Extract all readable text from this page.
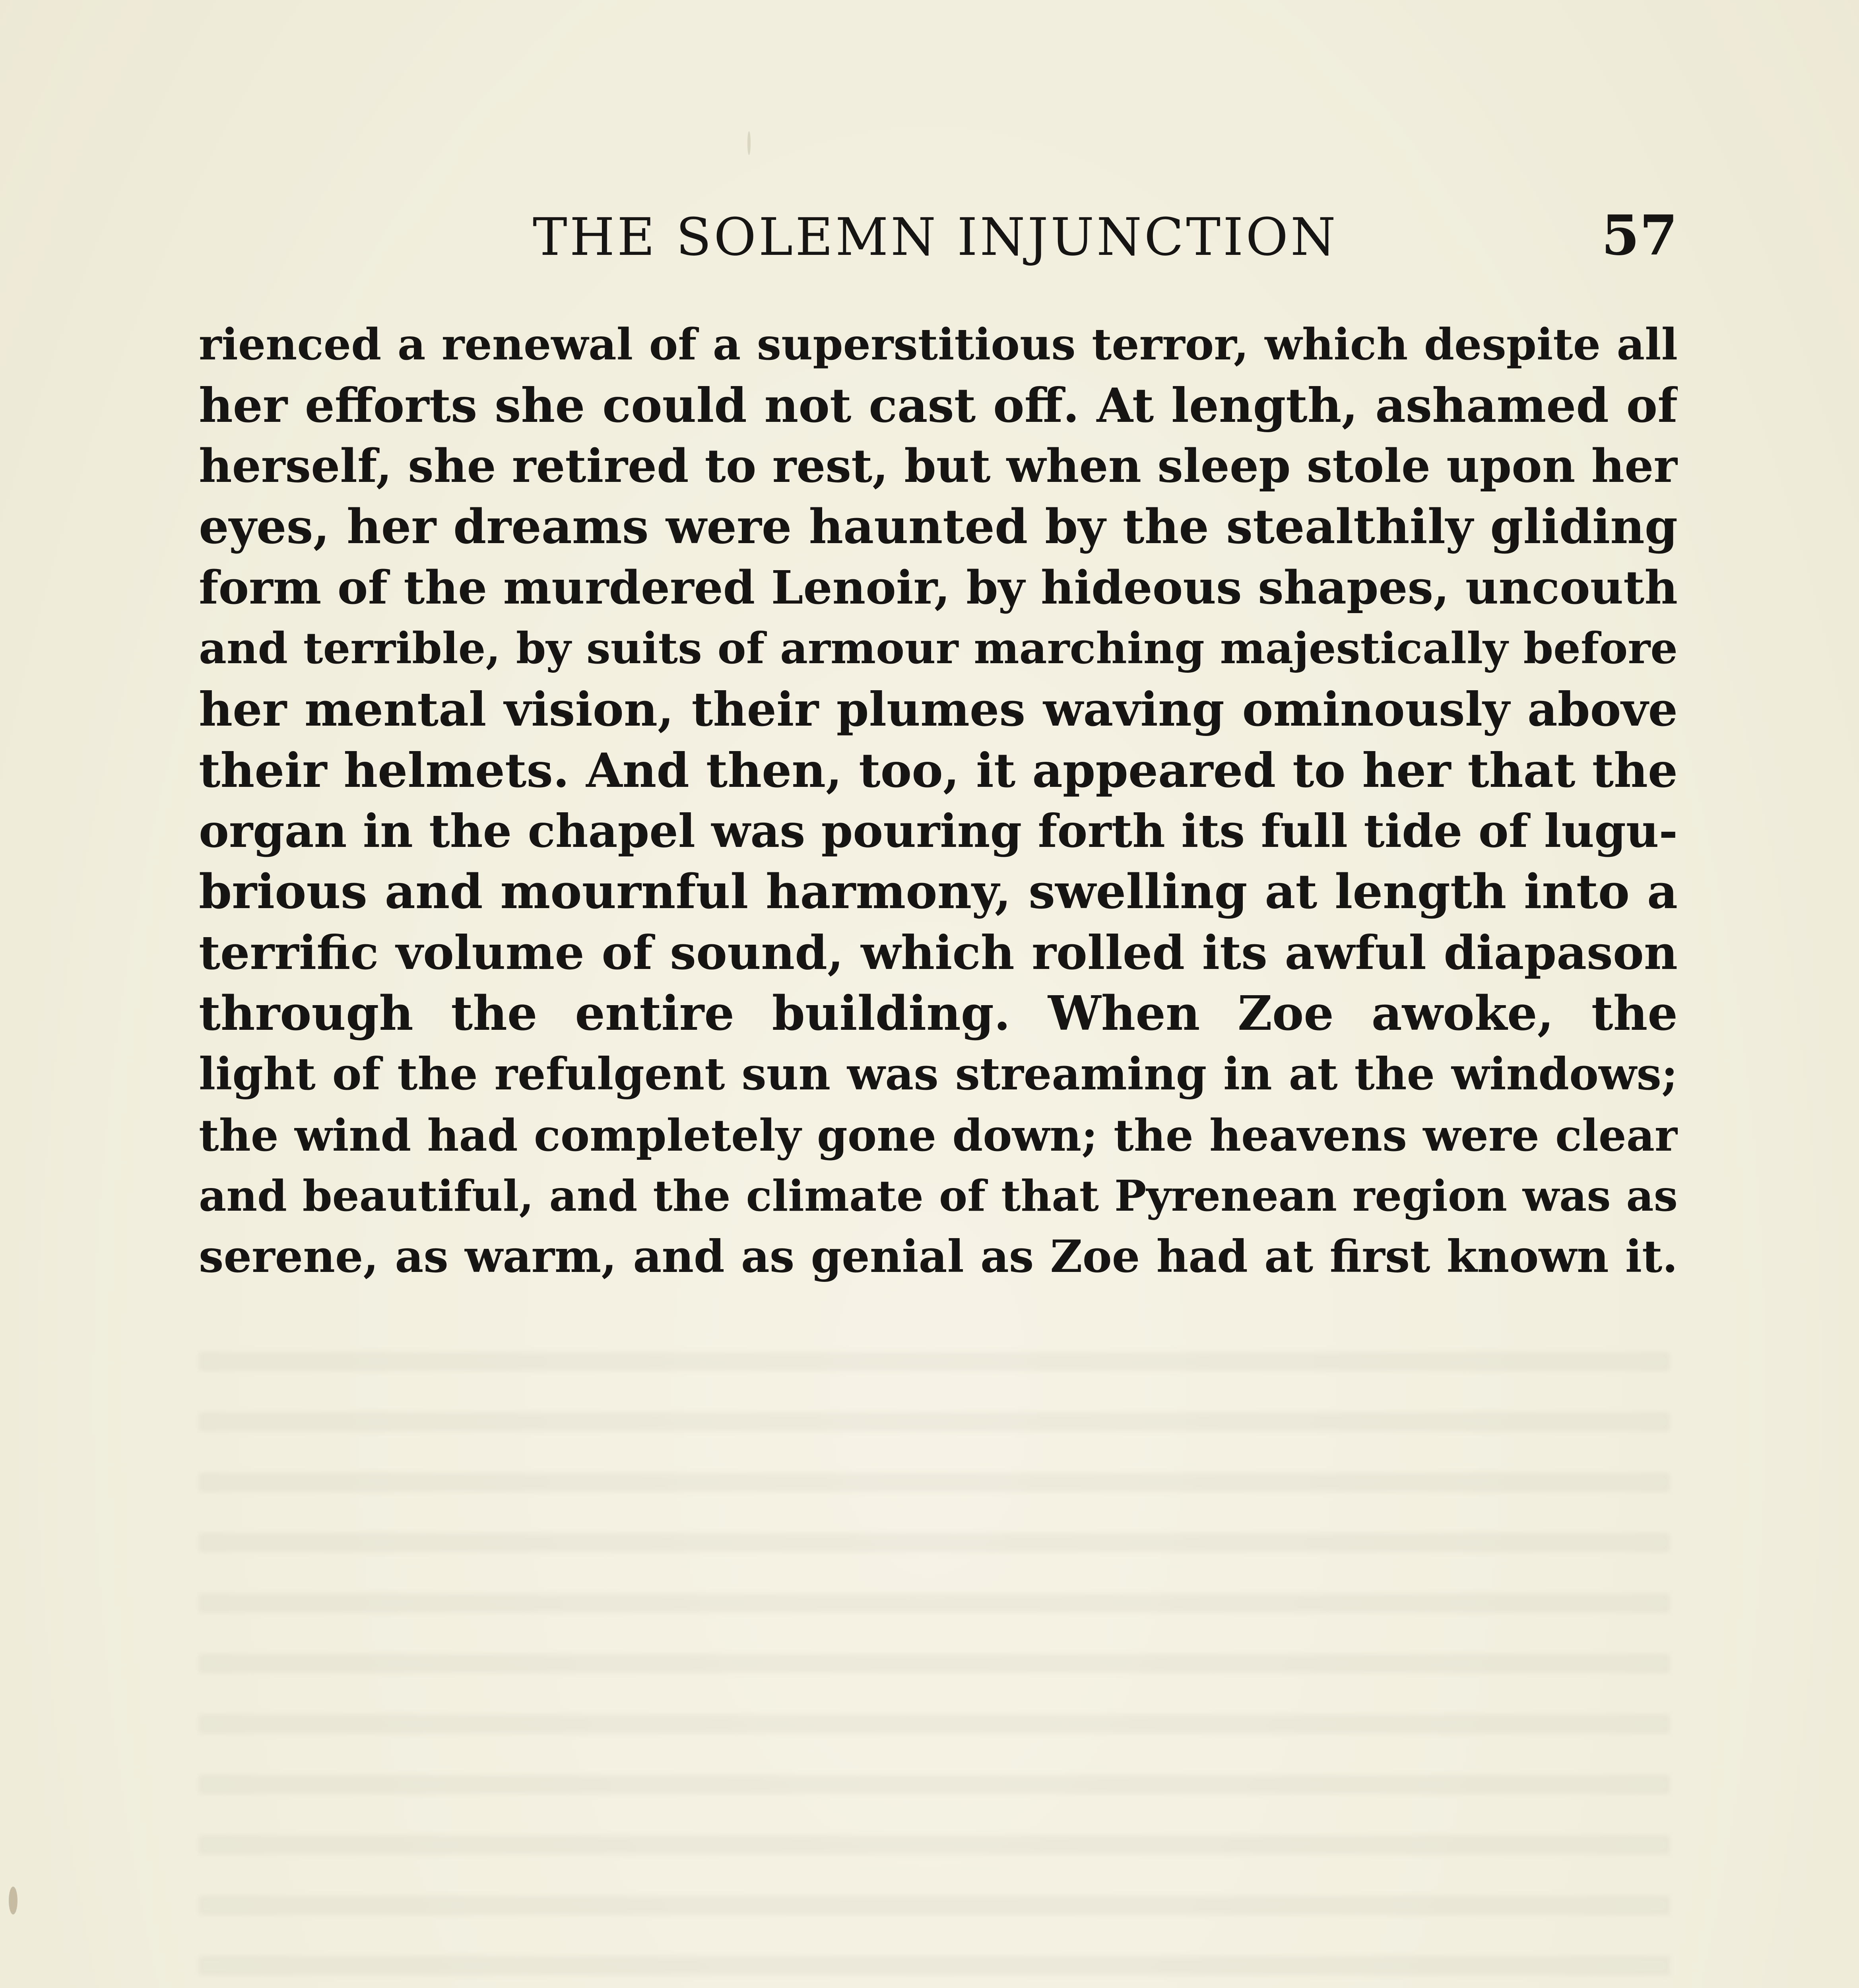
THE SOLEMN INJUNCTION	57
rienced a renewal of a superstitious terror, which despite all
her efforts she could not cast off. At length, ashamed of
herself, she retired to rest, but when sleep stole upon her
eyes, her dreams were haunted by the stealthily gliding
form of the murdered Lenoir, by hideous shapes, uncouth
and terrible, by suits of armour marching majestically before
her mental vision, their plumes waving ominously above
their helmets. And then, too, it appeared to her that the
organ in the chapel was pouring forth its full tide of lugu-
brious and mournful harmony, swelling at length into a
terrific volume of sound, which rolled its awful diapason
through the entire building. When Zoe awoke, the
light of the refulgent sun was streaming in at the windows;
the wind had completely gone down; the heavens were clear
and beautiful, and the climate of that Pyrenean region was as
serene, as warm, and as genial as Zoe had at first known it.
